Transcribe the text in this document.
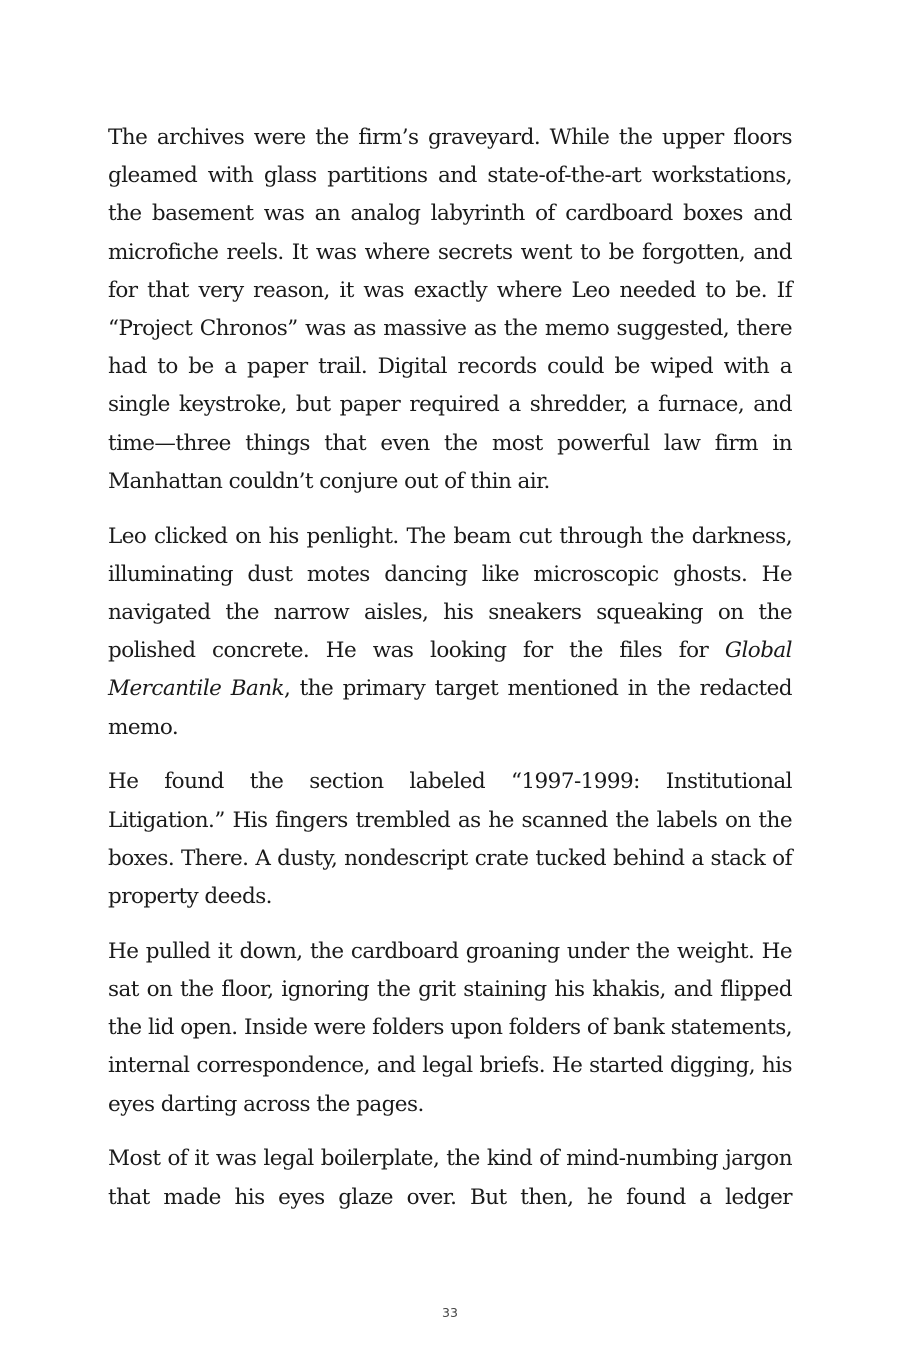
The archives were the firm’s graveyard. While the upper floors gleamed with glass partitions and state-of-the-art workstations, the basement was an analog labyrinth of cardboard boxes and microfiche reels. It was where secrets went to be forgotten, and for that very reason, it was exactly where Leo needed to be. If “Project Chronos” was as massive as the memo suggested, there had to be a paper trail. Digital records could be wiped with a single keystroke, but paper required a shredder, a furnace, and time—three things that even the most powerful law firm in Manhattan couldn’t conjure out of thin air.

Leo clicked on his penlight. The beam cut through the darkness, illuminating dust motes dancing like microscopic ghosts. He navigated the narrow aisles, his sneakers squeaking on the polished concrete. He was looking for the files for Global Mercantile Bank, the primary target mentioned in the redacted memo.

He found the section labeled “1997-1999: Institutional Litigation.” His fingers trembled as he scanned the labels on the boxes. There. A dusty, nondescript crate tucked behind a stack of property deeds.

He pulled it down, the cardboard groaning under the weight. He sat on the floor, ignoring the grit staining his khakis, and flipped the lid open. Inside were folders upon folders of bank statements, internal correspondence, and legal briefs. He started digging, his eyes darting across the pages.

Most of it was legal boilerplate, the kind of mind-numbing jargon that made his eyes glaze over. But then, he found a ledger

33
